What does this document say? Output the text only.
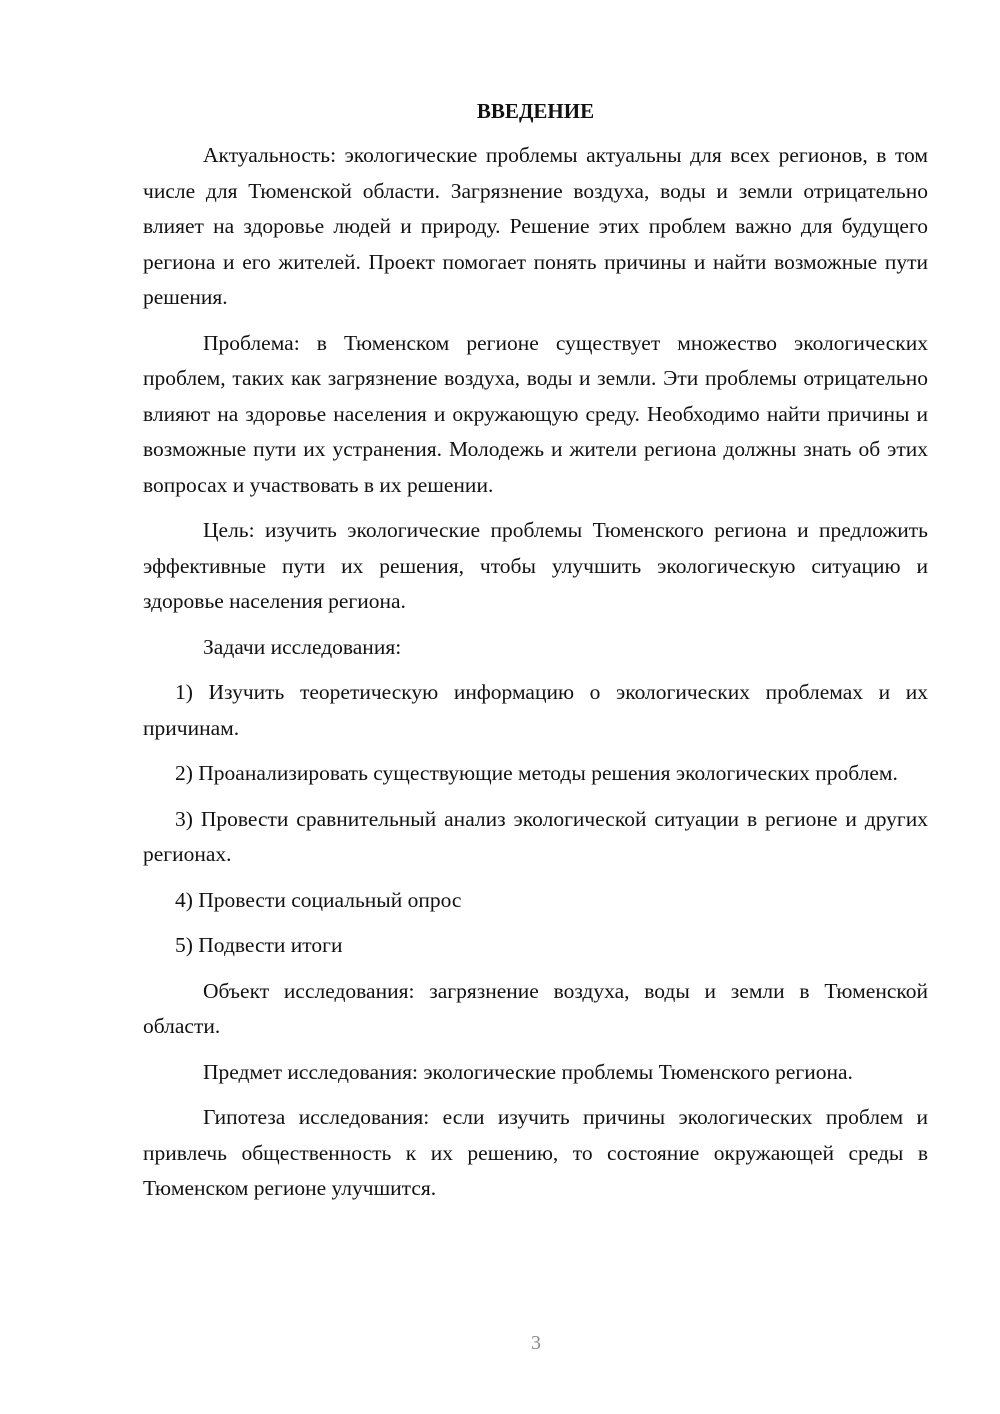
ВВЕДЕНИЕ

Актуальность: экологические проблемы актуальны для всех регионов, в том числе для Тюменской области. Загрязнение воздуха, воды и земли отрицательно влияет на здоровье людей и природу. Решение этих проблем важно для будущего региона и его жителей. Проект помогает понять причины и найти возможные пути решения.

Проблема: в Тюменском регионе существует множество экологических проблем, таких как загрязнение воздуха, воды и земли. Эти проблемы отрицательно влияют на здоровье населения и окружающую среду. Необходимо найти причины и возможные пути их устранения. Молодежь и жители региона должны знать об этих вопросах и участвовать в их решении.

Цель: изучить экологические проблемы Тюменского региона и предложить эффективные пути их решения, чтобы улучшить экологическую ситуацию и здоровье населения региона.

Задачи исследования:

1) Изучить теоретическую информацию о экологических проблемах и их причинам.

2) Проанализировать существующие методы решения экологических проблем.

3) Провести сравнительный анализ экологической ситуации в регионе и других регионах.

4) Провести социальный опрос

5) Подвести итоги

Объект исследования: загрязнение воздуха, воды и земли в Тюменской области.

Предмет исследования: экологические проблемы Тюменского региона.

Гипотеза исследования: если изучить причины экологических проблем и привлечь общественность к их решению, то состояние окружающей среды в Тюменском регионе улучшится.

3
